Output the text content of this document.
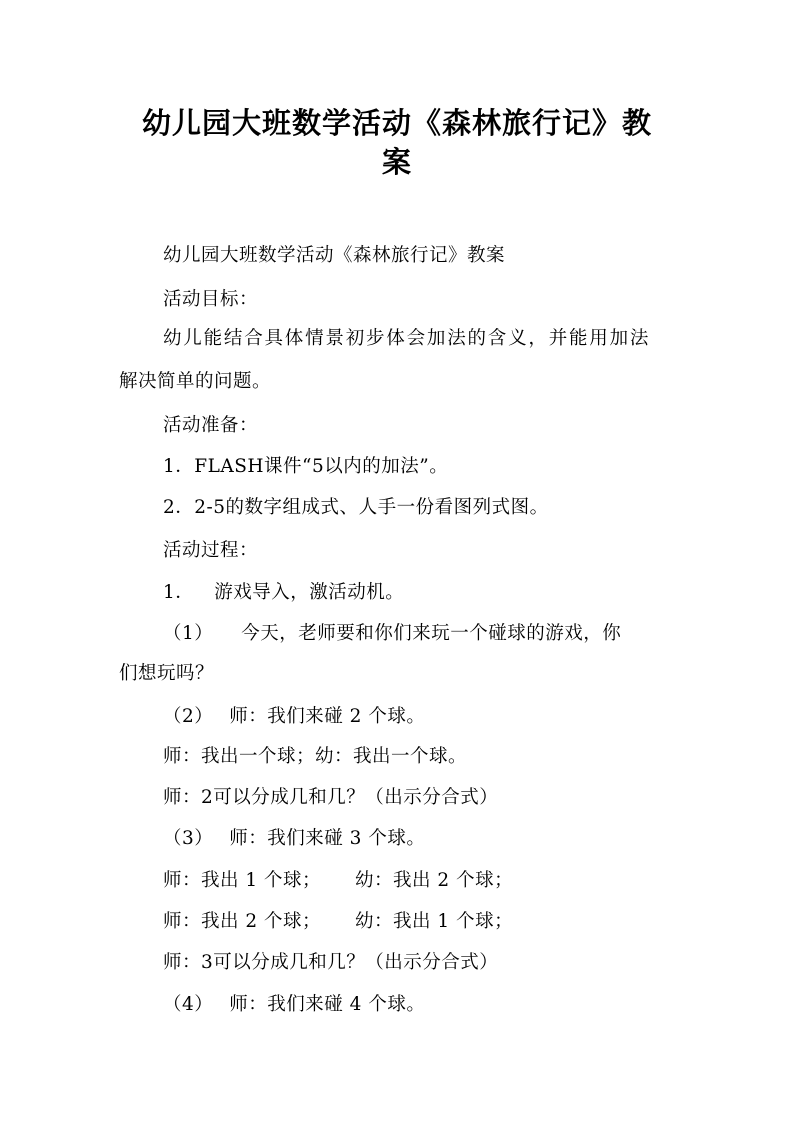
幼儿园大班数学活动《森林旅行记》教
案
幼儿园大班数学活动《森林旅行记》教案
活动目标：
幼儿能结合具体情景初步体会加法的含义，并能用加法
解决简单的问题。
活动准备：
1．FLASH课件“5以内的加法”。
2．2-5的数字组成式、人手一份看图列式图。
活动过程：
1． 游戏导入，激活动机。
（1） 今天，老师要和你们来玩一个碰球的游戏，你
们想玩吗？
（2） 师：我们来碰 2 个球。
师：我出一个球；幼：我出一个球。
师：2可以分成几和几？（出示分合式）
（3） 师：我们来碰 3 个球。
师：我出 1 个球； 幼：我出 2 个球；
师：我出 2 个球； 幼：我出 1 个球；
师：3可以分成几和几？（出示分合式）
（4） 师：我们来碰 4 个球。
